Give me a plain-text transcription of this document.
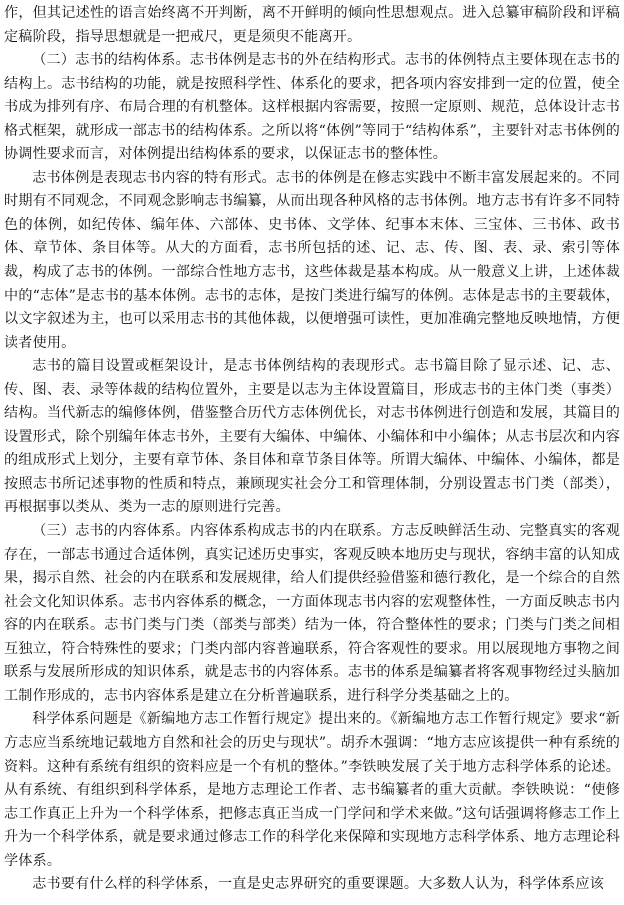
作，但其记述性的语言始终离不开判断，离不开鲜明的倾向性思想观点。进入总纂审稿阶段和评稿定稿阶段，指导思想就是一把戒尺，更是须臾不能离开。

（二）志书的结构体系。志书体例是志书的外在结构形式。志书的体例特点主要体现在志书的结构上。志书结构的功能，就是按照科学性、体系化的要求，把各项内容安排到一定的位置，使全书成为排列有序、布局合理的有机整体。这样根据内容需要，按照一定原则、规范，总体设计志书格式框架，就形成一部志书的结构体系。之所以将“体例”等同于“结构体系”，主要针对志书体例的协调性要求而言，对体例提出结构体系的要求，以保证志书的整体性。

志书体例是表现志书内容的特有形式。志书的体例是在修志实践中不断丰富发展起来的。不同时期有不同观念，不同观念影响志书编纂，从而出现各种风格的志书体例。地方志书有许多不同特色的体例，如纪传体、编年体、六部体、史书体、文学体、纪事本末体、三宝体、三书体、政书体、章节体、条目体等。从大的方面看，志书所包括的述、记、志、传、图、表、录、索引等体裁，构成了志书的体例。一部综合性地方志书，这些体裁是基本构成。从一般意义上讲，上述体裁中的“志体”是志书的基本体例。志书的志体，是按门类进行编写的体例。志体是志书的主要载体，以文字叙述为主，也可以采用志书的其他体裁，以便增强可读性，更加准确完整地反映地情，方便读者使用。

志书的篇目设置或框架设计，是志书体例结构的表现形式。志书篇目除了显示述、记、志、传、图、表、录等体裁的结构位置外，主要是以志为主体设置篇目，形成志书的主体门类（事类）结构。当代新志的编修体例，借鉴整合历代方志体例优长，对志书体例进行创造和发展，其篇目的设置形式，除个别编年体志书外，主要有大编体、中编体、小编体和中小编体；从志书层次和内容的组成形式上划分，主要有章节体、条目体和章节条目体等。所谓大编体、中编体、小编体，都是按照志书所记述事物的性质和特点，兼顾现实社会分工和管理体制，分别设置志书门类（部类），再根据事以类从、类为一志的原则进行完善。

（三）志书的内容体系。内容体系构成志书的内在联系。方志反映鲜活生动、完整真实的客观存在，一部志书通过合适体例，真实记述历史事实，客观反映本地历史与现状，容纳丰富的认知成果，揭示自然、社会的内在联系和发展规律，给人们提供经验借鉴和德行教化，是一个综合的自然社会文化知识体系。志书内容体系的概念，一方面体现志书内容的宏观整体性，一方面反映志书内容的内在联系。志书门类与门类（部类与部类）结为一体，符合整体性的要求；门类与门类之间相互独立，符合特殊性的要求；门类内部内容普遍联系，符合客观性的要求。用以展现地方事物之间联系与发展所形成的知识体系，就是志书的内容体系。志书的体系是编纂者将客观事物经过头脑加工制作形成的，志书内容体系是建立在分析普遍联系，进行科学分类基础之上的。

科学体系问题是《新编地方志工作暂行规定》提出来的。《新编地方志工作暂行规定》要求“新方志应当系统地记载地方自然和社会的历史与现状”。胡乔木强调：“地方志应该提供一种有系统的资料。这种有系统有组织的资料应是一个有机的整体。”李铁映发展了关于地方志科学体系的论述。从有系统、有组织到科学体系，是地方志理论工作者、志书编纂者的重大贡献。李铁映说：“使修志工作真正上升为一个科学体系，把修志真正当成一门学问和学术来做。”这句话强调将修志工作上升为一个科学体系，就是要求通过修志工作的科学化来保障和实现地方志科学体系、地方志理论科学体系。

志书要有什么样的科学体系，一直是史志界研究的重要课题。大多数人认为，科学体系应该
